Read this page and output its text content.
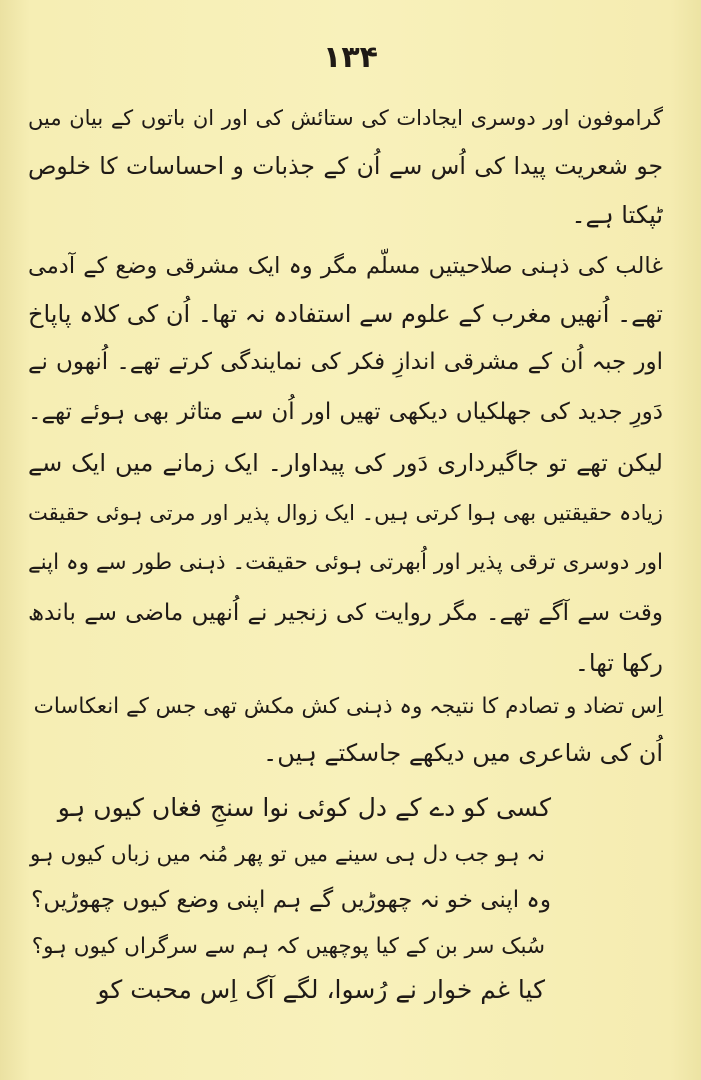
۱۳۴
گراموفون اور دوسری ایجادات کی ستائش کی اور ان باتوں کے بیان میں
جو شعریت پیدا کی اُس سے اُن کے جذبات و احساسات کا خلوص
ٹپکتا ہے۔
غالب کی ذہنی صلاحیتیں مسلّم مگر وہ ایک مشرقی وضع کے آدمی
تھے۔ اُنھیں مغرب کے علوم سے استفادہ نہ تھا۔ اُن کی کلاہ پاپاخ
اور جبہ اُن کے مشرقی اندازِ فکر کی نمایندگی کرتے تھے۔ اُنھوں نے
دَورِ جدید کی جھلکیاں دیکھی تھیں اور اُن سے متاثر بھی ہوئے تھے۔
لیکن تھے تو جاگیرداری دَور کی پیداوار۔ ایک زمانے میں ایک سے
زیادہ حقیقتیں بھی ہوا کرتی ہیں۔ ایک زوال پذیر اور مرتی ہوئی حقیقت
اور دوسری ترقی پذیر اور اُبھرتی ہوئی حقیقت۔ ذہنی طور سے وہ اپنے
وقت سے آگے تھے۔ مگر روایت کی زنجیر نے اُنھیں ماضی سے باندھ
رکھا تھا۔
اِس تضاد و تصادم کا نتیجہ وہ ذہنی کش مکش تھی جس کے انعکاسات
اُن کی شاعری میں دیکھے جاسکتے ہیں۔
کسی کو دے کے دل کوئی نوا سنجِ فغاں کیوں ہو
نہ ہو جب دل ہی سینے میں تو پھر مُنہ میں زباں کیوں ہو
وہ اپنی خو نہ چھوڑیں گے ہم اپنی وضع کیوں چھوڑیں؟
سُبک سر بن کے کیا پوچھیں کہ ہم سے سرگراں کیوں ہو؟
کیا غم خوار نے رُسوا، لگے آگ اِس محبت کو
